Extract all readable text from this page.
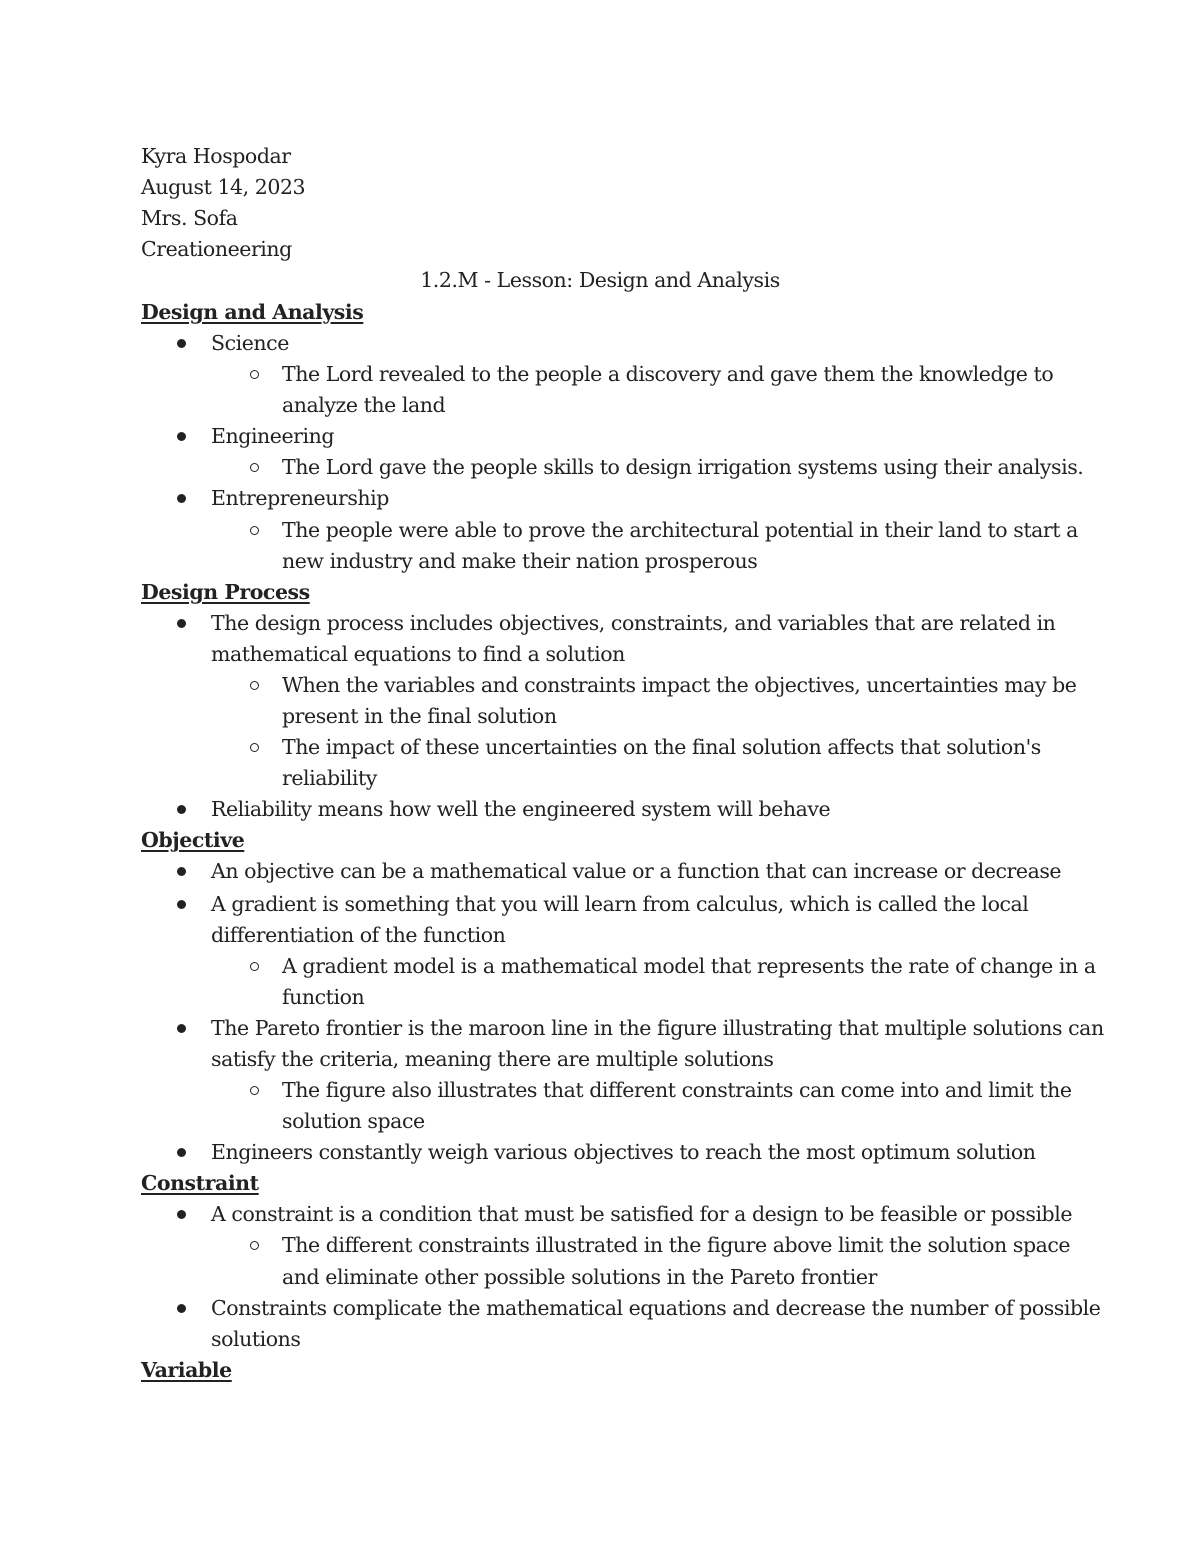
Kyra Hospodar
August 14, 2023
Mrs. Sofa
Creationeering
1.2.M - Lesson: Design and Analysis
Design and Analysis
Science
The Lord revealed to the people a discovery and gave them the knowledge to
analyze the land
Engineering
The Lord gave the people skills to design irrigation systems using their analysis.
Entrepreneurship
The people were able to prove the architectural potential in their land to start a
new industry and make their nation prosperous
Design Process
The design process includes objectives, constraints, and variables that are related in
mathematical equations to find a solution
When the variables and constraints impact the objectives, uncertainties may be
present in the final solution
The impact of these uncertainties on the final solution affects that solution's
reliability
Reliability means how well the engineered system will behave
Objective
An objective can be a mathematical value or a function that can increase or decrease
A gradient is something that you will learn from calculus, which is called the local
differentiation of the function
A gradient model is a mathematical model that represents the rate of change in a
function
The Pareto frontier is the maroon line in the figure illustrating that multiple solutions can
satisfy the criteria, meaning there are multiple solutions
The figure also illustrates that different constraints can come into and limit the
solution space
Engineers constantly weigh various objectives to reach the most optimum solution
Constraint
A constraint is a condition that must be satisfied for a design to be feasible or possible
The different constraints illustrated in the figure above limit the solution space
and eliminate other possible solutions in the Pareto frontier
Constraints complicate the mathematical equations and decrease the number of possible
solutions
Variable
